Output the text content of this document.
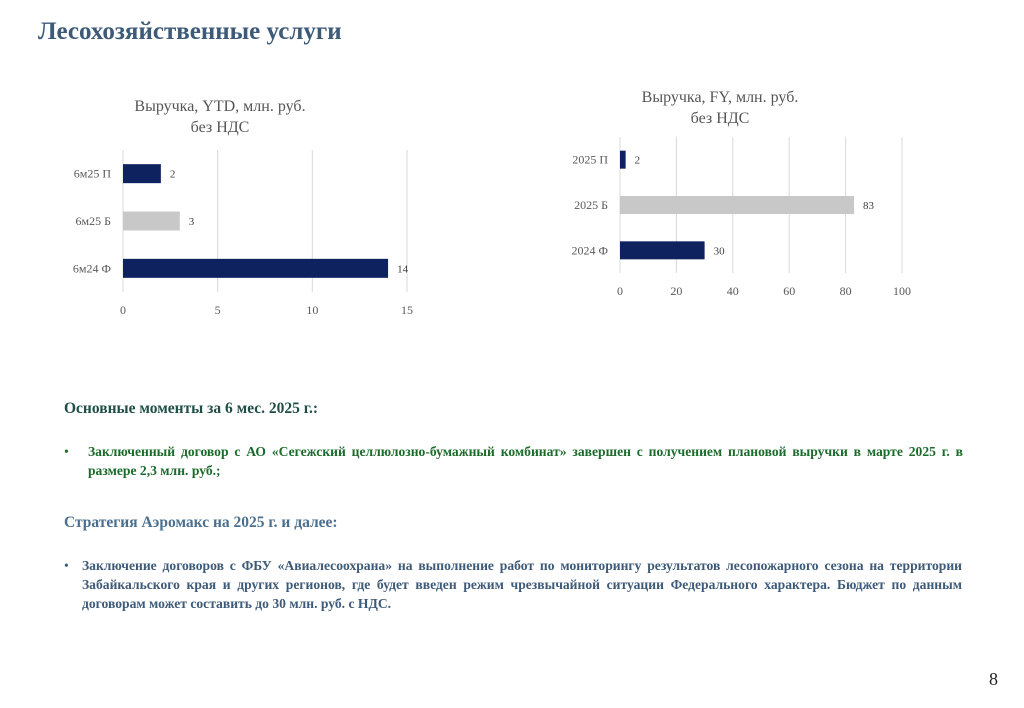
Лесохозяйственные услуги
Выручка, YTD, млн. руб.
без НДС
0	5	10	15
6м25 П	2
6м25 Б	3
6м24 Ф	14
Выручка, FY, млн. руб.
без НДС
0	20	40	60	80	100
2025 П 2
2025 Б	83
2024 Ф	30
Основные моменты за 6 мес. 2025 г.:
• Заключенный договор с АО «Сегежский целлюлозно-бумажный комбинат» завершен с получением плановой выручки в марте 2025 г. в размере 2,3 млн. руб.;
Стратегия Аэромакс на 2025 г. и далее:
• Заключение договоров с ФБУ «Авиалесоохрана» на выполнение работ по мониторингу результатов лесопожарного сезона на территории Забайкальского края и других регионов, где будет введен режим чрезвычайной ситуации Федерального характера. Бюджет по данным договорам может составить до 30 млн. руб. с НДС.
8
